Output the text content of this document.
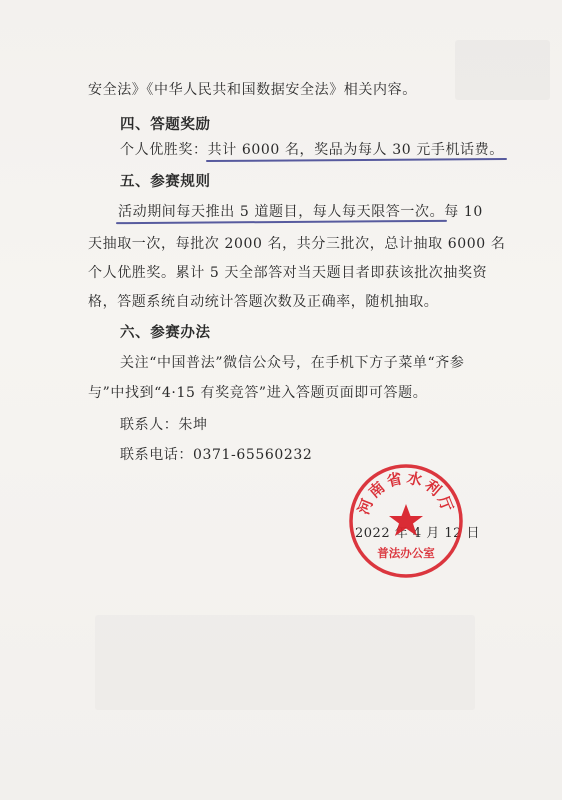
安全法》《中华人民共和国数据安全法》相关内容。
四、答题奖励
个人优胜奖：共计 6000 名，奖品为每人 30 元手机话费。
五、参赛规则
活动期间每天推出 5 道题目，每人每天限答一次。每 10
天抽取一次，每批次 2000 名，共分三批次，总计抽取 6000 名
个人优胜奖。累计 5 天全部答对当天题目者即获该批次抽奖资
格，答题系统自动统计答题次数及正确率，随机抽取。
六、参赛办法
关注“中国普法”微信公众号，在手机下方子菜单“齐参
与”中找到“4·15 有奖竞答”进入答题页面即可答题。
联系人：朱坤
联系电话：0371-65560232
2022 年 4 月 12 日
河南省水利厅
普法办公室
